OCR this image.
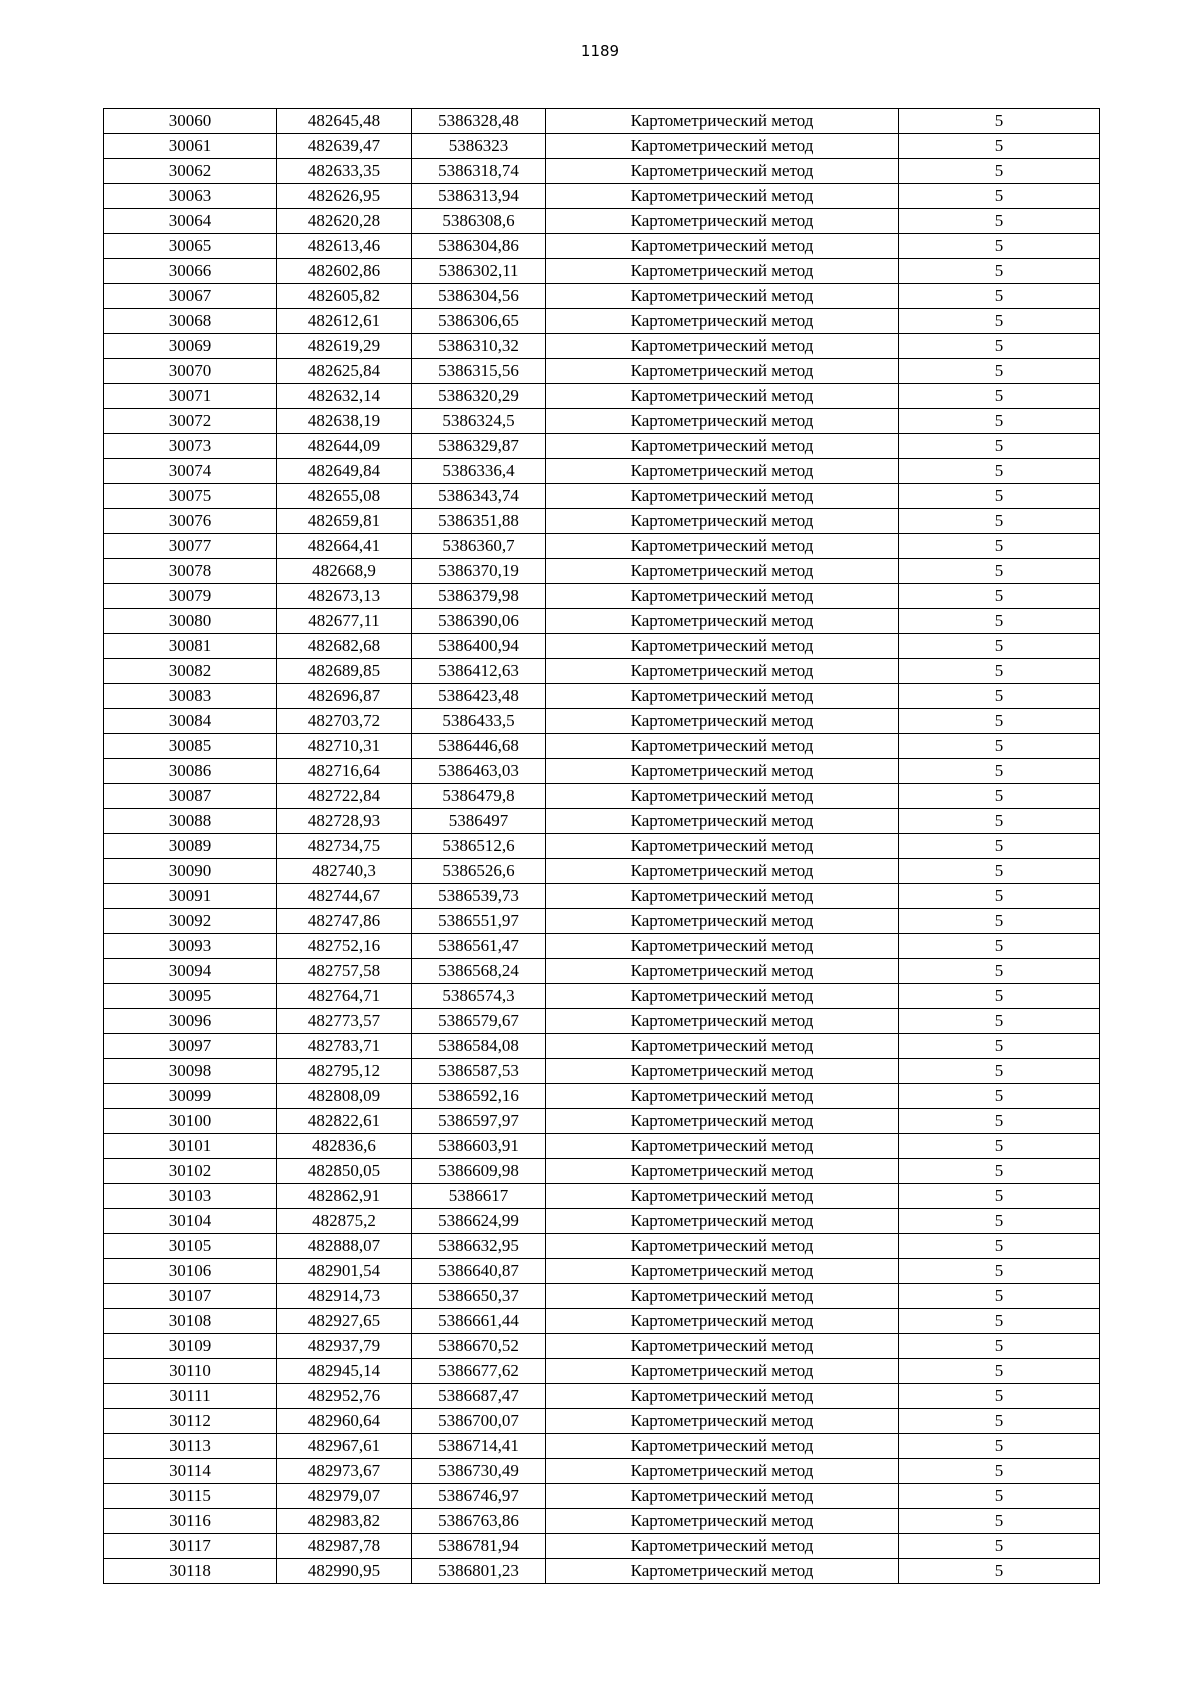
1189
30060	482645,48	5386328,48	Картометрический метод	5
30061	482639,47	5386323	Картометрический метод	5
30062	482633,35	5386318,74	Картометрический метод	5
30063	482626,95	5386313,94	Картометрический метод	5
30064	482620,28	5386308,6	Картометрический метод	5
30065	482613,46	5386304,86	Картометрический метод	5
30066	482602,86	5386302,11	Картометрический метод	5
30067	482605,82	5386304,56	Картометрический метод	5
30068	482612,61	5386306,65	Картометрический метод	5
30069	482619,29	5386310,32	Картометрический метод	5
30070	482625,84	5386315,56	Картометрический метод	5
30071	482632,14	5386320,29	Картометрический метод	5
30072	482638,19	5386324,5	Картометрический метод	5
30073	482644,09	5386329,87	Картометрический метод	5
30074	482649,84	5386336,4	Картометрический метод	5
30075	482655,08	5386343,74	Картометрический метод	5
30076	482659,81	5386351,88	Картометрический метод	5
30077	482664,41	5386360,7	Картометрический метод	5
30078	482668,9	5386370,19	Картометрический метод	5
30079	482673,13	5386379,98	Картометрический метод	5
30080	482677,11	5386390,06	Картометрический метод	5
30081	482682,68	5386400,94	Картометрический метод	5
30082	482689,85	5386412,63	Картометрический метод	5
30083	482696,87	5386423,48	Картометрический метод	5
30084	482703,72	5386433,5	Картометрический метод	5
30085	482710,31	5386446,68	Картометрический метод	5
30086	482716,64	5386463,03	Картометрический метод	5
30087	482722,84	5386479,8	Картометрический метод	5
30088	482728,93	5386497	Картометрический метод	5
30089	482734,75	5386512,6	Картометрический метод	5
30090	482740,3	5386526,6	Картометрический метод	5
30091	482744,67	5386539,73	Картометрический метод	5
30092	482747,86	5386551,97	Картометрический метод	5
30093	482752,16	5386561,47	Картометрический метод	5
30094	482757,58	5386568,24	Картометрический метод	5
30095	482764,71	5386574,3	Картометрический метод	5
30096	482773,57	5386579,67	Картометрический метод	5
30097	482783,71	5386584,08	Картометрический метод	5
30098	482795,12	5386587,53	Картометрический метод	5
30099	482808,09	5386592,16	Картометрический метод	5
30100	482822,61	5386597,97	Картометрический метод	5
30101	482836,6	5386603,91	Картометрический метод	5
30102	482850,05	5386609,98	Картометрический метод	5
30103	482862,91	5386617	Картометрический метод	5
30104	482875,2	5386624,99	Картометрический метод	5
30105	482888,07	5386632,95	Картометрический метод	5
30106	482901,54	5386640,87	Картометрический метод	5
30107	482914,73	5386650,37	Картометрический метод	5
30108	482927,65	5386661,44	Картометрический метод	5
30109	482937,79	5386670,52	Картометрический метод	5
30110	482945,14	5386677,62	Картометрический метод	5
30111	482952,76	5386687,47	Картометрический метод	5
30112	482960,64	5386700,07	Картометрический метод	5
30113	482967,61	5386714,41	Картометрический метод	5
30114	482973,67	5386730,49	Картометрический метод	5
30115	482979,07	5386746,97	Картометрический метод	5
30116	482983,82	5386763,86	Картометрический метод	5
30117	482987,78	5386781,94	Картометрический метод	5
30118	482990,95	5386801,23	Картометрический метод	5
